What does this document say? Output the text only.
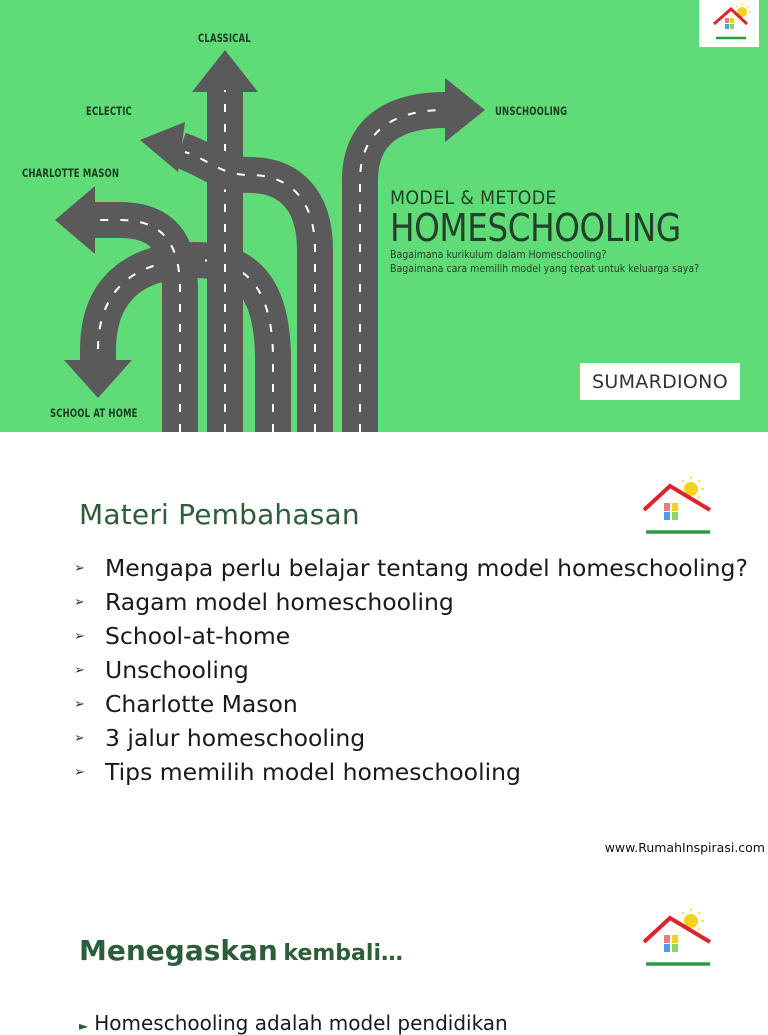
CLASSICAL
ECLECTIC
CHARLOTTE MASON
UNSCHOOLING
SCHOOL AT HOME
MODEL & METODE
HOMESCHOOLING
Bagaimana kurikulum dalam Homeschooling?
Bagaimana cara memilih model yang tepat untuk keluarga saya?
SUMARDIONO
Materi Pembahasan
➢ Mengapa perlu belajar tentang model homeschooling?
➢ Ragam model homeschooling
➢ School-at-home
➢ Unschooling
➢ Charlotte Mason
➢ 3 jalur homeschooling
➢ Tips memilih model homeschooling
www.RumahInspirasi.com
Menegaskan kembali…
► Homeschooling adalah model pendidikan
